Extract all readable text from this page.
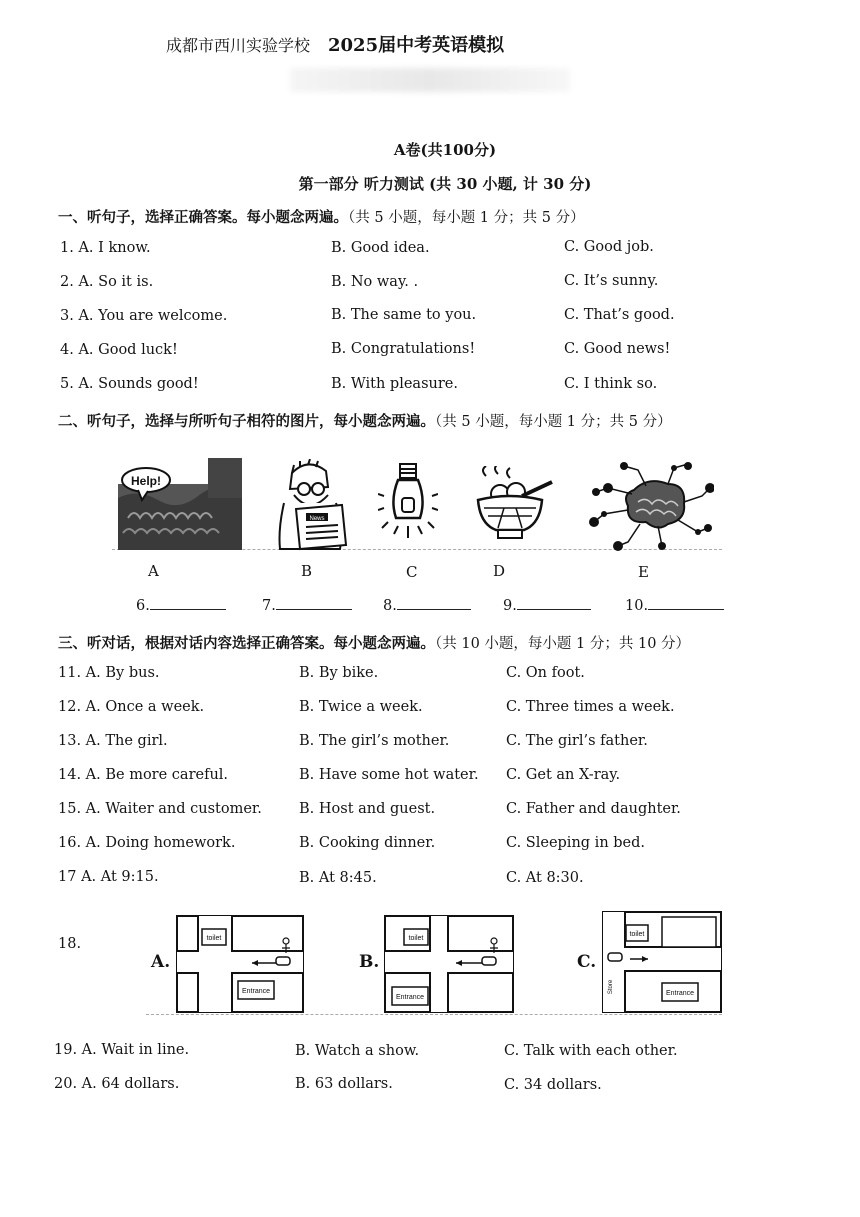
成都市西川实验学校 2025届中考英语模拟
A卷(共100分)
第一部分 听力测试 (共 30 小题, 计 30 分)
一、听句子，选择正确答案。每小题念两遍。（共 5 小题，每小题 1 分；共 5 分）
1. A. I know.	B. Good idea.	C. Good job.
2. A. So it is.	B. No way. .	C. It’s sunny.
3. A. You are welcome.	B. The same to you.	C. That’s good.
4. A. Good luck!	B. Congratulations!	C. Good news!
5. A. Sounds good!	B. With pleasure.	C. I think so.
二、听句子，选择与所听句子相符的图片，每小题念两遍。（共 5 小题，每小题 1 分；共 5 分）
Help!
News
A	B	C	D	E
6.	7.	8.	9.	10.
三、听对话，根据对话内容选择正确答案。每小题念两遍。（共 10 小题，每小题 1 分；共 10 分）
11. A. By bus.	B. By bike.	C. On foot.
12. A. Once a week.	B. Twice a week.	C. Three times a week.
13. A. The girl.	B. The girl’s mother.	C. The girl’s father.
14. A. Be more careful.	B. Have some hot water. C. Get an X-ray.
15. A. Waiter and customer.	B. Host and guest.	C. Father and daughter.
16. A. Doing homework.	B. Cooking dinner.	C. Sleeping in bed.
17 A. At 9:15.	B. At 8:45.	C. At 8:30.
18.
A.
toilet
Entrance
B.
toilet
Entrance
C.
toilet
Entrance
Store
19. A. Wait in line.	B. Watch a show.	C. Talk with each other.
20. A. 64 dollars.	B. 63 dollars.	C. 34 dollars.
